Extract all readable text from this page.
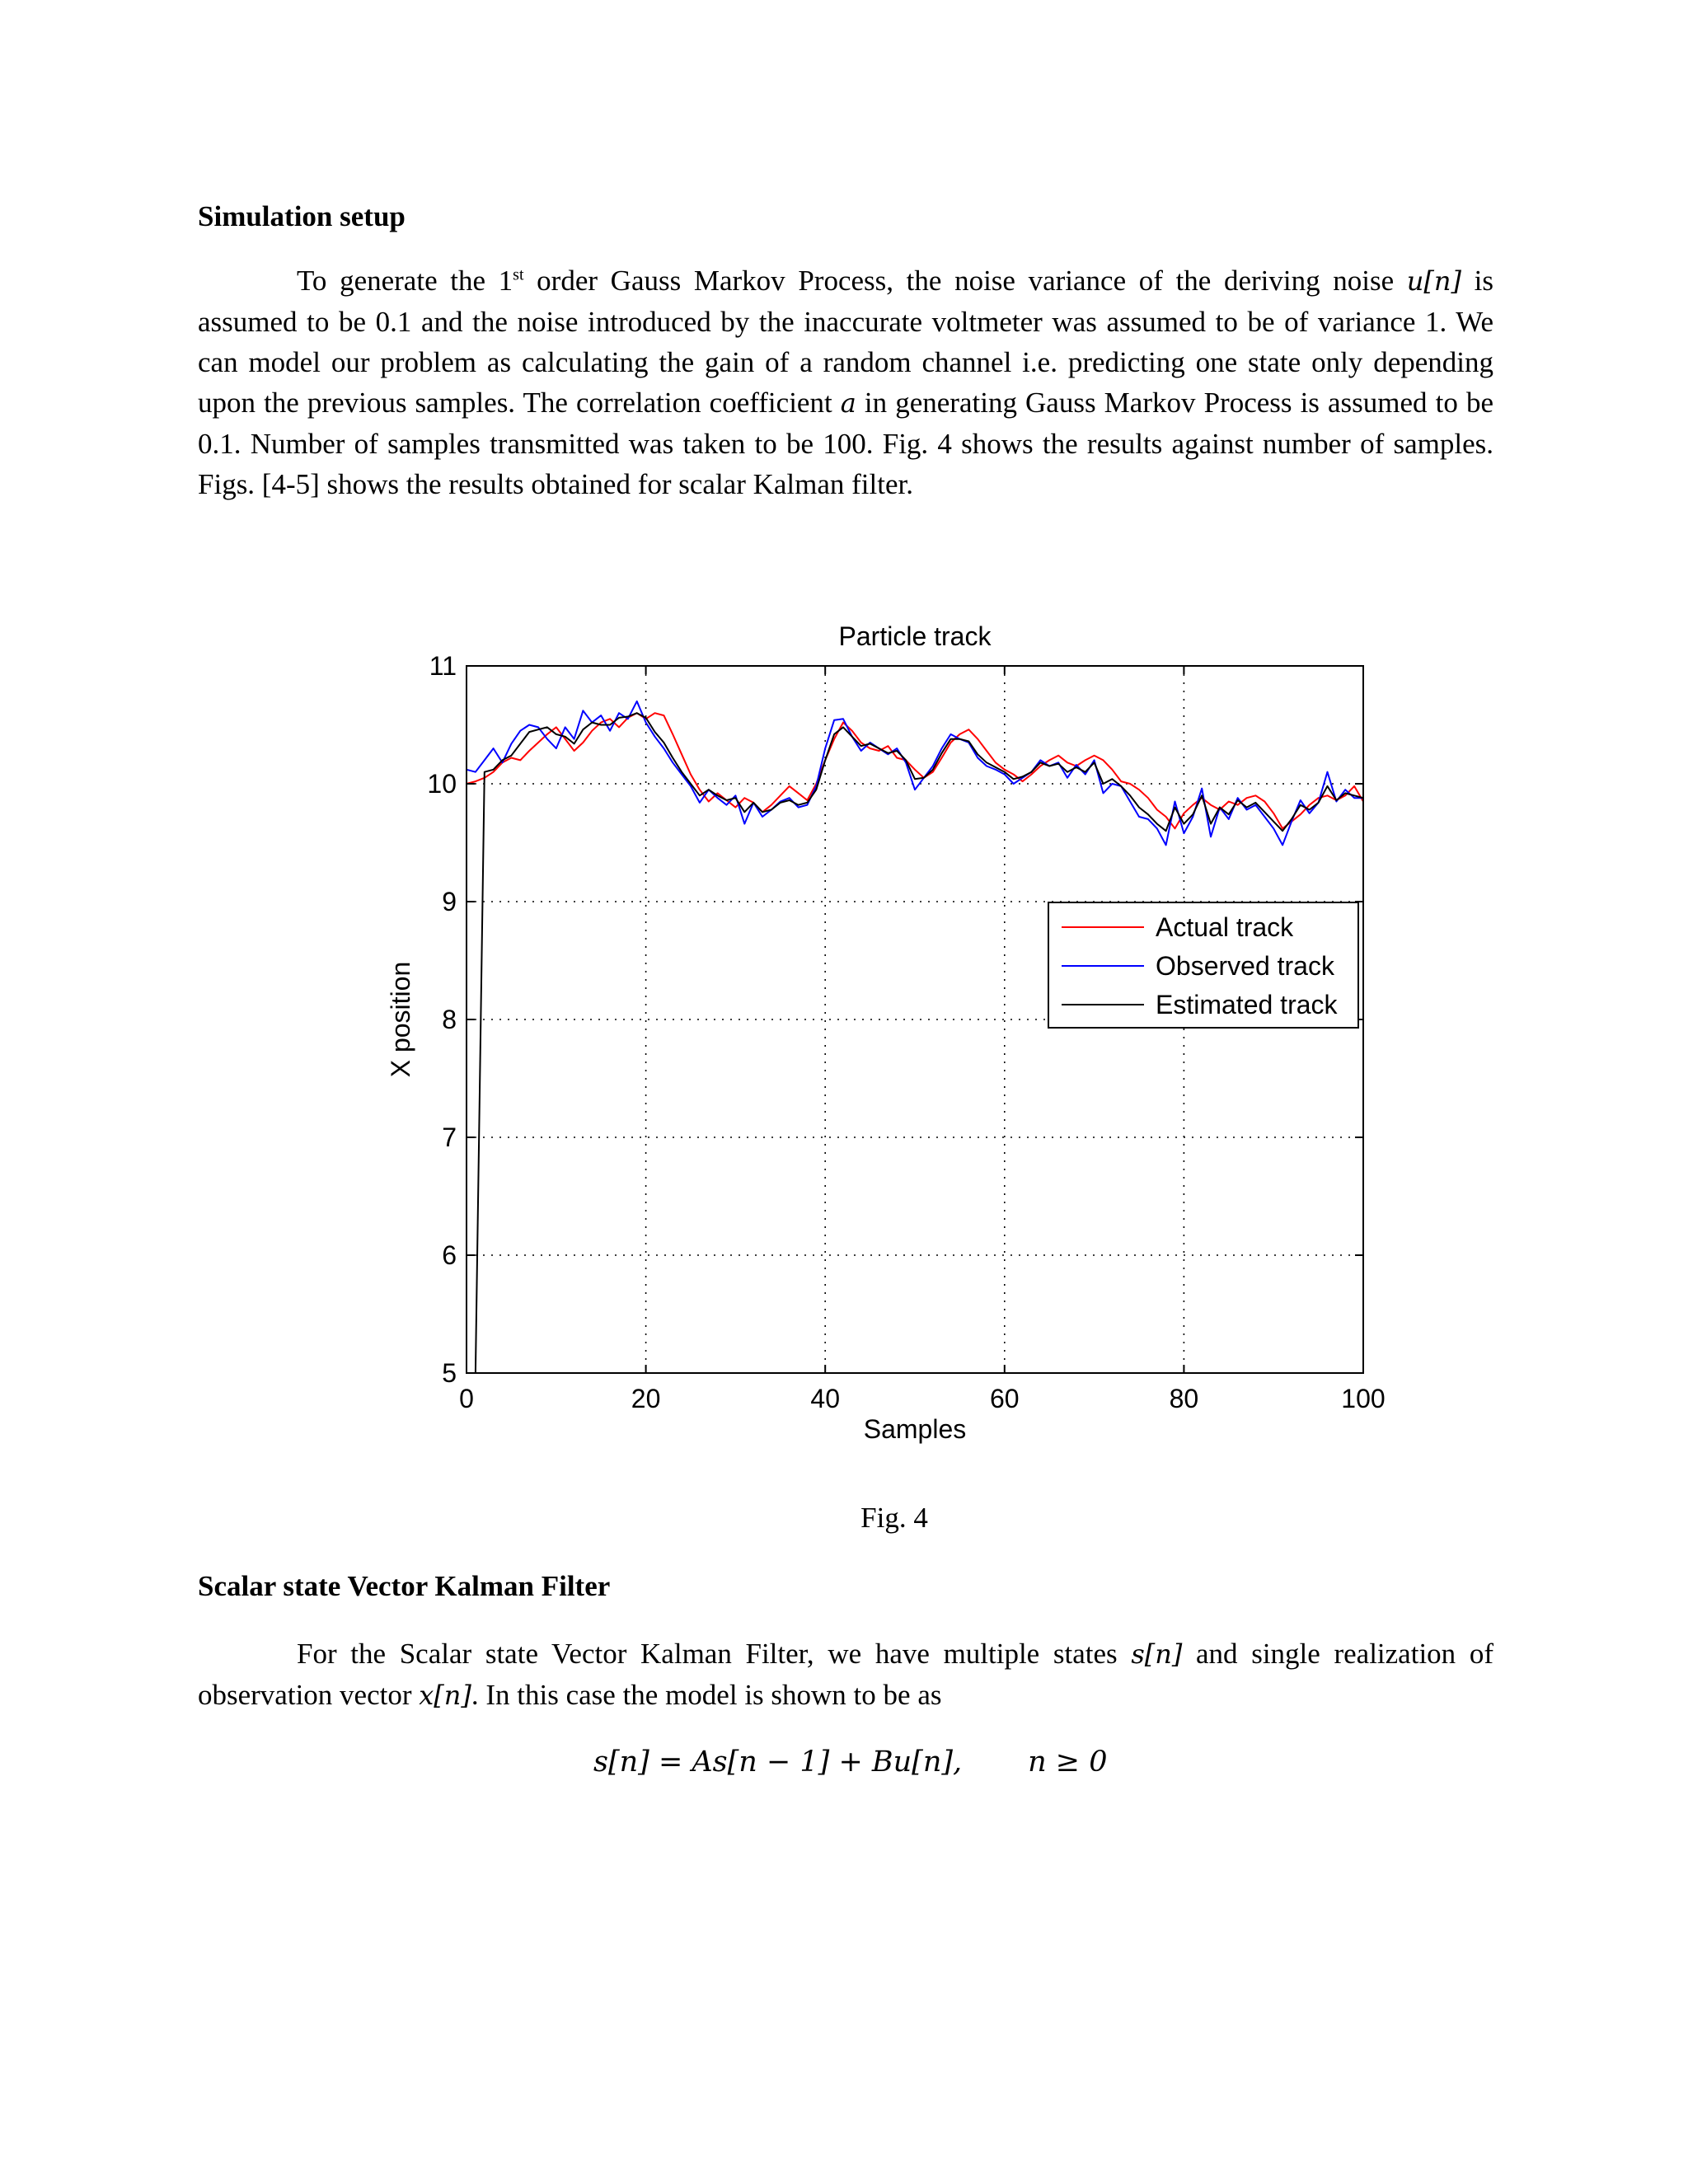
Simulation setup

To generate the 1st order Gauss Markov Process, the noise variance of the deriving noise u[n] is assumed to be 0.1 and the noise introduced by the inaccurate voltmeter was assumed to be of variance 1. We can model our problem as calculating the gain of a random channel i.e. predicting one state only depending upon the previous samples. The correlation coefficient a in generating Gauss Markov Process is assumed to be 0.1. Number of samples transmitted was taken to be 100. Fig. 4 shows the results against number of samples. Figs. [4-5] shows the results obtained for scalar Kalman filter.

0	20	40	60	80	100
5
6
7
8
9
10
11
Particle track
Samples
X position
Actual track
Observed track
Estimated track
Fig. 4
Scalar state Vector Kalman Filter

For the Scalar state Vector Kalman Filter, we have multiple states s[n] and single realization of observation vector x[n]. In this case the model is shown to be as

s[n] = As[n − 1] + Bu[n], n ≥ 0
